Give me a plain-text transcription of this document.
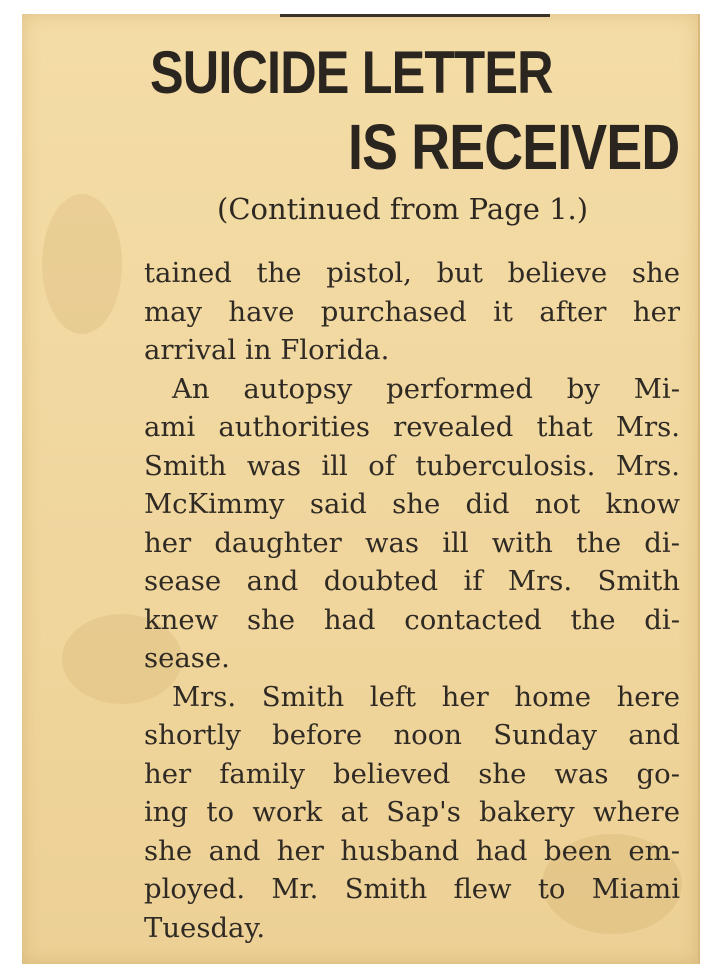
SUICIDE LETTER
IS RECEIVED
(Continued from Page 1.)
tained the pistol, but believe she
may have purchased it after her
arrival in Florida.
An autopsy performed by Mi-
ami authorities revealed that Mrs.
Smith was ill of tuberculosis. Mrs.
McKimmy said she did not know
her daughter was ill with the di-
sease and doubted if Mrs. Smith
knew she had contacted the di-
sease.
Mrs. Smith left her home here
shortly before noon Sunday and
her family believed she was go-
ing to work at Sap's bakery where
she and her husband had been em-
ployed. Mr. Smith flew to Miami
Tuesday.
